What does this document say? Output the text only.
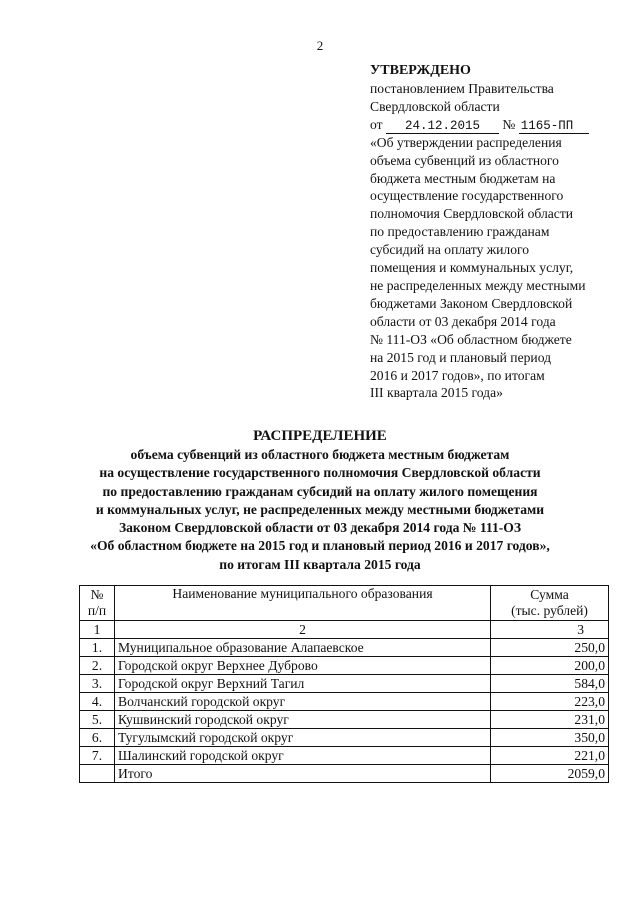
2
УТВЕРЖДЕНО
постановлением Правительства
Свердловской области
от 24.12.2015 № 1165-ПП
«Об утверждении распределения
объема субвенций из областного
бюджета местным бюджетам на
осуществление государственного
полномочия Свердловской области
по предоставлению гражданам
субсидий на оплату жилого
помещения и коммунальных услуг,
не распределенных между местными
бюджетами Законом Свердловской
области от 03 декабря 2014 года
№ 111-ОЗ «Об областном бюджете
на 2015 год и плановый период
2016 и 2017 годов», по итогам
III квартала 2015 года»
РАСПРЕДЕЛЕНИЕ
объема субвенций из областного бюджета местным бюджетам
на осуществление государственного полномочия Свердловской области
по предоставлению гражданам субсидий на оплату жилого помещения
и коммунальных услуг, не распределенных между местными бюджетами
Законом Свердловской области от 03 декабря 2014 года № 111-ОЗ
«Об областном бюджете на 2015 год и плановый период 2016 и 2017 годов»,
по итогам III квартала 2015 года
№
п/п	Наименование муниципального образования	Сумма
(тыс. рублей)
1	2	3
1.	Муниципальное образование Алапаевское	250,0
2.	Городской округ Верхнее Дуброво	200,0
3.	Городской округ Верхний Тагил	584,0
4.	Волчанский городской округ	223,0
5.	Кушвинский городской округ	231,0
6.	Тугулымский городской округ	350,0
7.	Шалинский городской округ	221,0
	Итого	2059,0
